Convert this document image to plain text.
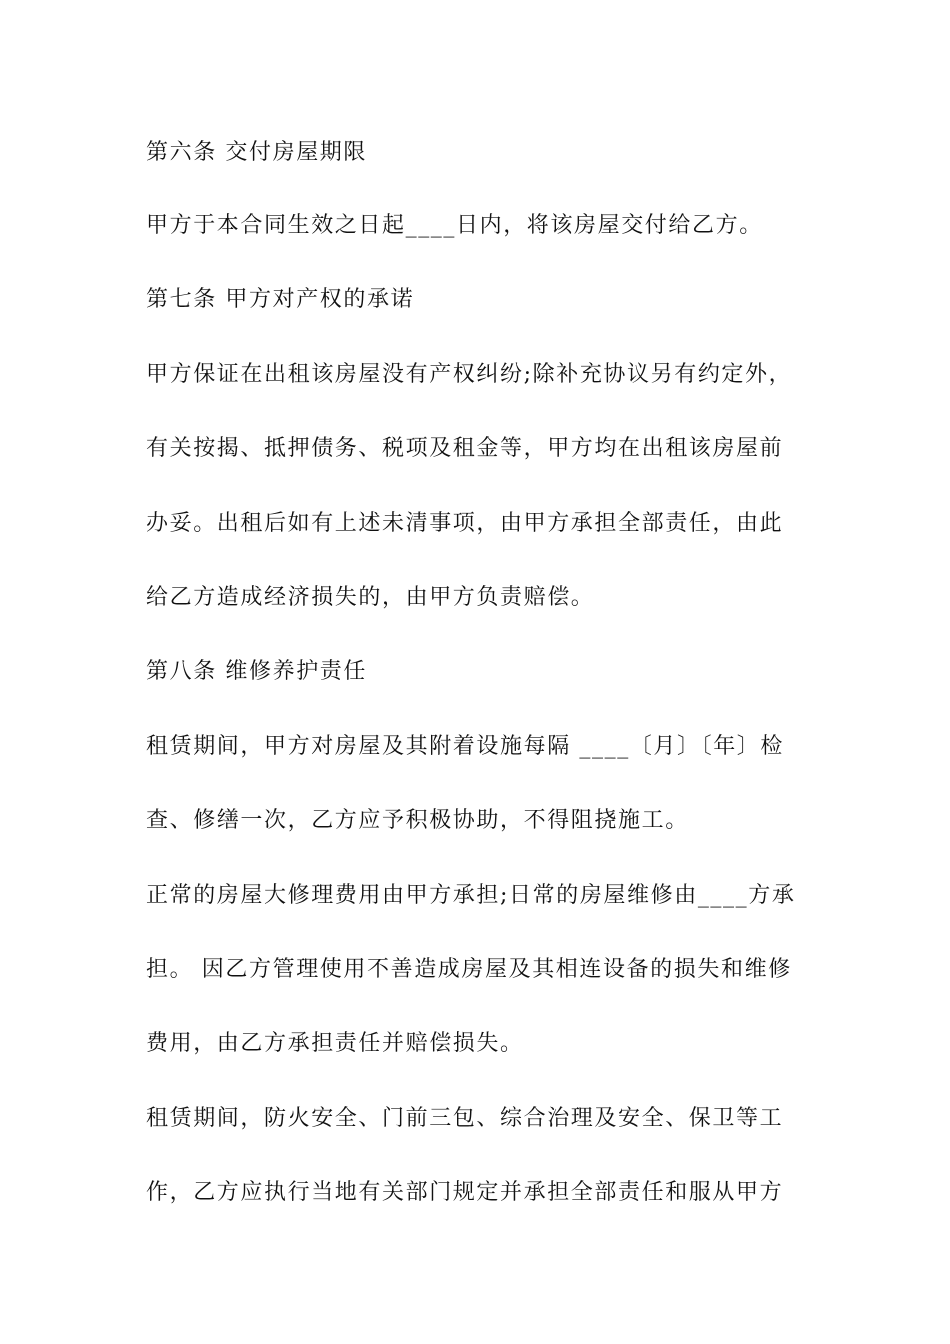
第六条 交付房屋期限
甲方于本合同生效之日起____日内，将该房屋交付给乙方。
第七条 甲方对产权的承诺
甲方保证在出租该房屋没有产权纠纷;除补充协议另有约定外，
有关按揭、抵押债务、税项及租金等，甲方均在出租该房屋前
办妥。出租后如有上述未清事项，由甲方承担全部责任，由此
给乙方造成经济损失的，由甲方负责赔偿。
第八条 维修养护责任
租赁期间，甲方对房屋及其附着设施每隔 ____〔月〕〔年〕检
查、修缮一次，乙方应予积极协助，不得阻挠施工。
正常的房屋大修理费用由甲方承担;日常的房屋维修由____方承
担。 因乙方管理使用不善造成房屋及其相连设备的损失和维修
费用，由乙方承担责任并赔偿损失。
租赁期间，防火安全、门前三包、综合治理及安全、保卫等工
作，乙方应执行当地有关部门规定并承担全部责任和服从甲方
